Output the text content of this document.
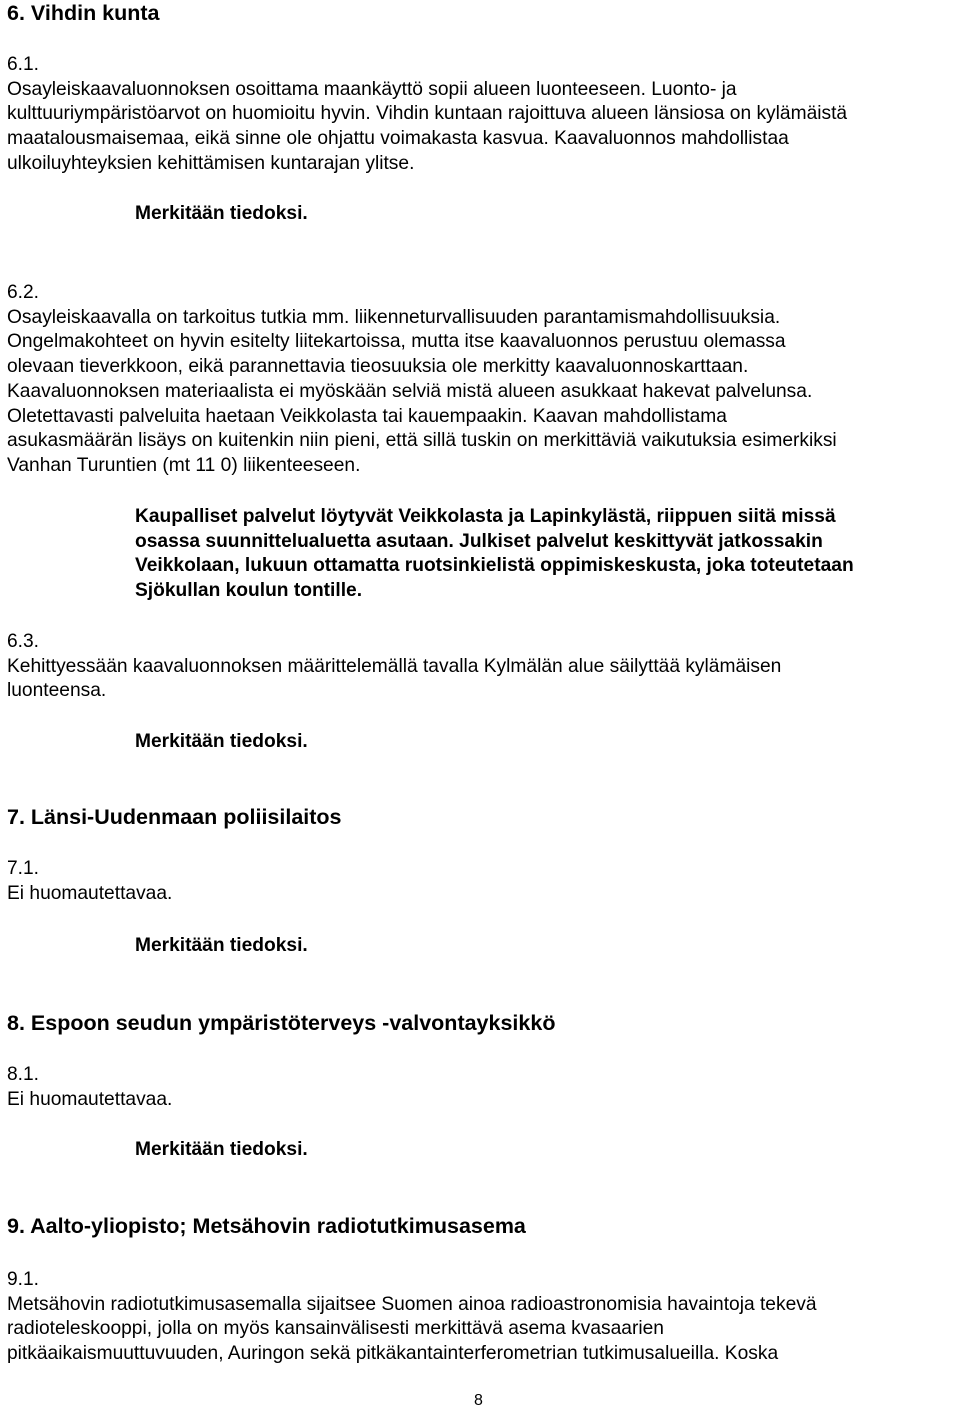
6. Vihdin kunta

6.1.
Osayleiskaavaluonnoksen osoittama maankäyttö sopii alueen luonteeseen. Luonto- ja
kulttuuriympäristöarvot on huomioitu hyvin. Vihdin kuntaan rajoittuva alueen länsiosa on kylämäistä
maatalousmaisemaa, eikä sinne ole ohjattu voimakasta kasvua. Kaavaluonnos mahdollistaa
ulkoiluyhteyksien kehittämisen kuntarajan ylitse.

Merkitään tiedoksi.

6.2.
Osayleiskaavalla on tarkoitus tutkia mm. liikenneturvallisuuden parantamismahdollisuuksia.
Ongelmakohteet on hyvin esitelty liitekartoissa, mutta itse kaavaluonnos perustuu olemassa
olevaan tieverkkoon, eikä parannettavia tieosuuksia ole merkitty kaavaluonnoskarttaan.
Kaavaluonnoksen materiaalista ei myöskään selviä mistä alueen asukkaat hakevat palvelunsa.
Oletettavasti palveluita haetaan Veikkolasta tai kauempaakin. Kaavan mahdollistama
asukasmäärän lisäys on kuitenkin niin pieni, että sillä tuskin on merkittäviä vaikutuksia esimerkiksi
Vanhan Turuntien (mt 11 0) liikenteeseen.

Kaupalliset palvelut löytyvät Veikkolasta ja Lapinkylästä, riippuen siitä missä
osassa suunnittelualuetta asutaan. Julkiset palvelut keskittyvät jatkossakin
Veikkolaan, lukuun ottamatta ruotsinkielistä oppimiskeskusta, joka toteutetaan
Sjökullan koulun tontille.

6.3.
Kehittyessään kaavaluonnoksen määrittelemällä tavalla Kylmälän alue säilyttää kylämäisen
luonteensa.

Merkitään tiedoksi.

7. Länsi-Uudenmaan poliisilaitos

7.1.
Ei huomautettavaa.

Merkitään tiedoksi.

8. Espoon seudun ympäristöterveys -valvontayksikkö

8.1.
Ei huomautettavaa.

Merkitään tiedoksi.

9. Aalto-yliopisto; Metsähovin radiotutkimusasema

9.1.
Metsähovin radiotutkimusasemalla sijaitsee Suomen ainoa radioastronomisia havaintoja tekevä
radioteleskooppi, jolla on myös kansainvälisesti merkittävä asema kvasaarien
pitkäaikaismuuttuvuuden, Auringon sekä pitkäkantainterferometrian tutkimusalueilla. Koska

8
